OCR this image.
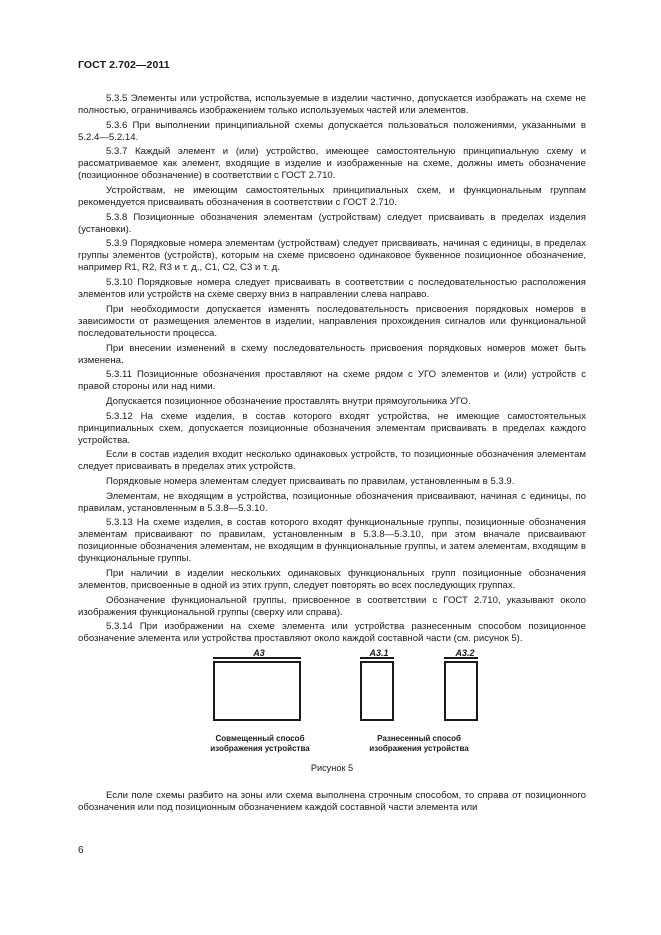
ГОСТ 2.702—2011

5.3.5 Элементы или устройства, используемые в изделии частично, допускается изображать на схеме не полностью, ограничиваясь изображением только используемых частей или элементов.

5.3.6 При выполнении принципиальной схемы допускается пользоваться положениями, указанными в 5.2.4—5.2.14.

5.3.7 Каждый элемент и (или) устройство, имеющее самостоятельную принципиальную схему и рассматриваемое как элемент, входящие в изделие и изображенные на схеме, должны иметь обозначение (позиционное обозначение) в соответствии с ГОСТ 2.710.

Устройствам, не имеющим самостоятельных принципиальных схем, и функциональным группам рекомендуется присваивать обозначения в соответствии с ГОСТ 2.710.

5.3.8 Позиционные обозначения элементам (устройствам) следует присваивать в пределах изделия (установки).

5.3.9 Порядковые номера элементам (устройствам) следует присваивать, начиная с единицы, в пределах группы элементов (устройств), которым на схеме присвоено одинаковое буквенное позиционное обозначение, например R1, R2, R3 и т. д., C1, C2, C3 и т. д.

5.3.10 Порядковые номера следует присваивать в соответствии с последовательностью расположения элементов или устройств на схеме сверху вниз в направлении слева направо.

При необходимости допускается изменять последовательность присвоения порядковых номеров в зависимости от размещения элементов в изделии, направления прохождения сигналов или функциональной последовательности процесса.

При внесении изменений в схему последовательность присвоения порядковых номеров может быть изменена.

5.3.11 Позиционные обозначения проставляют на схеме рядом с УГО элементов и (или) устройств с правой стороны или над ними.

Допускается позиционное обозначение проставлять внутри прямоугольника УГО.

5.3.12 На схеме изделия, в состав которого входят устройства, не имеющие самостоятельных принципиальных схем, допускается позиционные обозначения элементам присваивать в пределах каждого устройства.

Если в состав изделия входит несколько одинаковых устройств, то позиционные обозначения элементам следует присваивать в пределах этих устройств.

Порядковые номера элементам следует присваивать по правилам, установленным в 5.3.9.

Элементам, не входящим в устройства, позиционные обозначения присваивают, начиная с единицы, по правилам, установленным в 5.3.8—5.3.10.

5.3.13 На схеме изделия, в состав которого входят функциональные группы, позиционные обозначения элементам присваивают по правилам, установленным в 5.3.8—5.3.10, при этом вначале присваивают позиционные обозначения элементам, не входящим в функциональные группы, и затем элементам, входящим в функциональные группы.

При наличии в изделии нескольких одинаковых функциональных групп позиционные обозначения элементов, присвоенные в одной из этих групп, следует повторять во всех последующих группах.

Обозначение функциональной группы, присвоенное в соответствии с ГОСТ 2.710, указывают около изображения функциональной группы (сверху или справа).

5.3.14 При изображении на схеме элемента или устройства разнесенным способом позиционное обозначение элемента или устройства проставляют около каждой составной части (см. рисунок 5).

А3	А3.1	А3.2
Совмещенный способ
изображения устройства
Разнесенный способ
изображения устройства
Рисунок 5

Если поле схемы разбито на зоны или схема выполнена строчным способом, то справа от позиционного обозначения или под позиционным обозначением каждой составной части элемента или

6
